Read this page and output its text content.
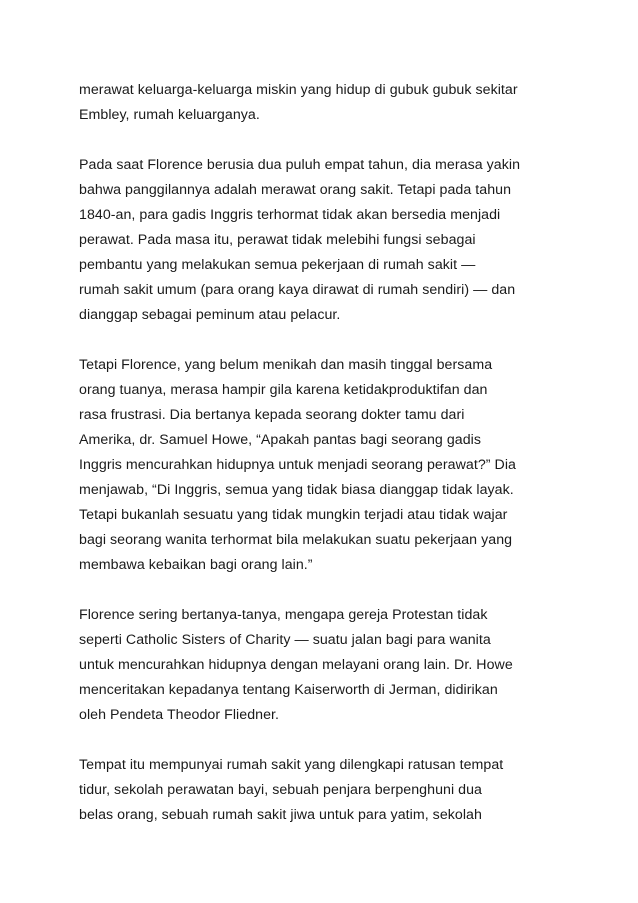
merawat keluarga-keluarga miskin yang hidup di gubuk gubuk sekitar
Embley, rumah keluarganya.
Pada saat Florence berusia dua puluh empat tahun, dia merasa yakin
bahwa panggilannya adalah merawat orang sakit. Tetapi pada tahun
1840-an, para gadis Inggris terhormat tidak akan bersedia menjadi
perawat. Pada masa itu, perawat tidak melebihi fungsi sebagai
pembantu yang melakukan semua pekerjaan di rumah sakit —
rumah sakit umum (para orang kaya dirawat di rumah sendiri) — dan
dianggap sebagai peminum atau pelacur.
Tetapi Florence, yang belum menikah dan masih tinggal bersama
orang tuanya, merasa hampir gila karena ketidakproduktifan dan
rasa frustrasi. Dia bertanya kepada seorang dokter tamu dari
Amerika, dr. Samuel Howe, “Apakah pantas bagi seorang gadis
Inggris mencurahkan hidupnya untuk menjadi seorang perawat?” Dia
menjawab, “Di Inggris, semua yang tidak biasa dianggap tidak layak.
Tetapi bukanlah sesuatu yang tidak mungkin terjadi atau tidak wajar
bagi seorang wanita terhormat bila melakukan suatu pekerjaan yang
membawa kebaikan bagi orang lain.”
Florence sering bertanya-tanya, mengapa gereja Protestan tidak
seperti Catholic Sisters of Charity — suatu jalan bagi para wanita
untuk mencurahkan hidupnya dengan melayani orang lain. Dr. Howe
menceritakan kepadanya tentang Kaiserworth di Jerman, didirikan
oleh Pendeta Theodor Fliedner.
Tempat itu mempunyai rumah sakit yang dilengkapi ratusan tempat
tidur, sekolah perawatan bayi, sebuah penjara berpenghuni dua
belas orang, sebuah rumah sakit jiwa untuk para yatim, sekolah
